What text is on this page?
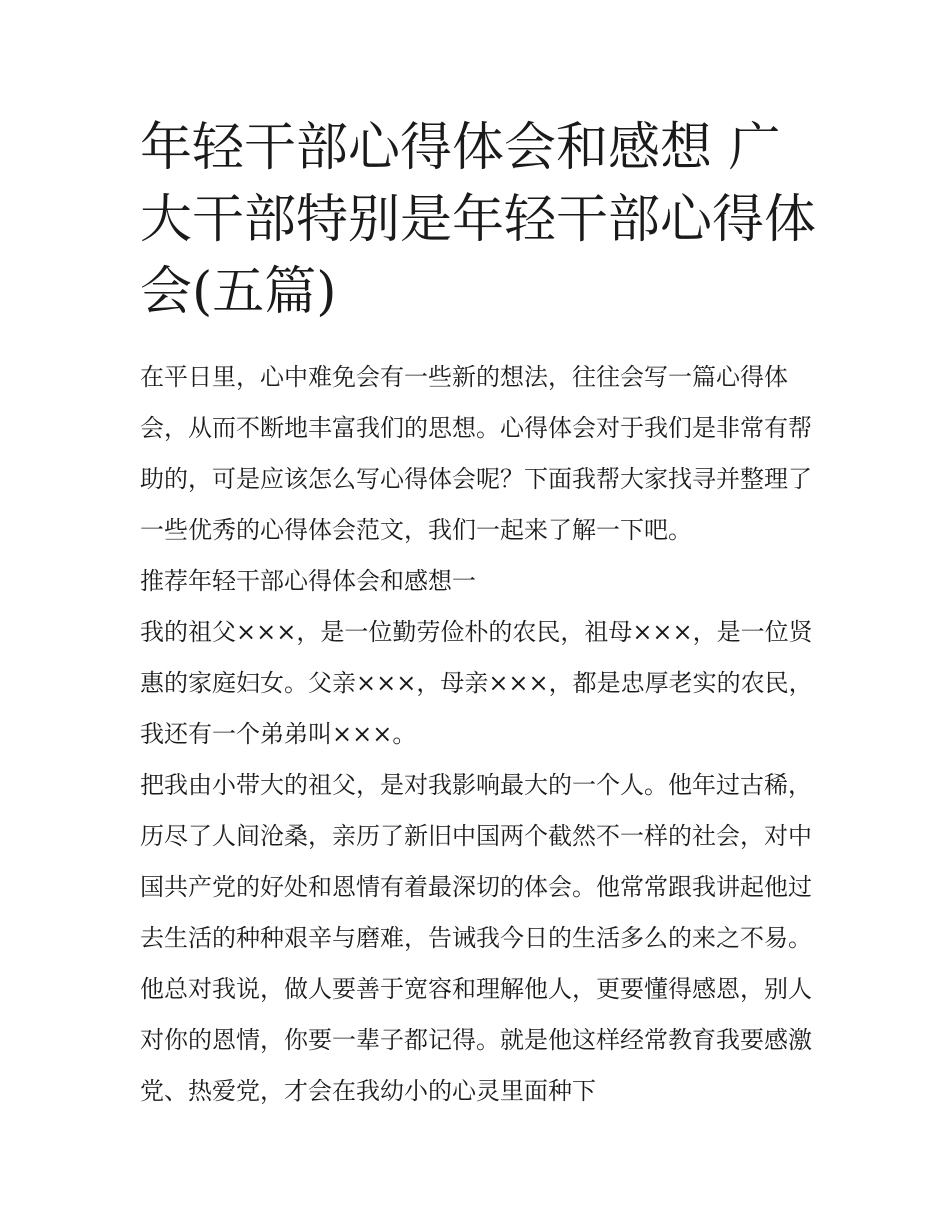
年轻干部心得体会和感想 广大干部特别是年轻干部心得体会(五篇)

在平日里，心中难免会有一些新的想法，往往会写一篇心得体会，从而不断地丰富我们的思想。心得体会对于我们是非常有帮助的，可是应该怎么写心得体会呢？下面我帮大家找寻并整理了一些优秀的心得体会范文，我们一起来了解一下吧。

推荐年轻干部心得体会和感想一

我的祖父×××，是一位勤劳俭朴的农民，祖母×××，是一位贤惠的家庭妇女。父亲×××，母亲×××，都是忠厚老实的农民，我还有一个弟弟叫×××。

把我由小带大的祖父，是对我影响最大的一个人。他年过古稀，历尽了人间沧桑，亲历了新旧中国两个截然不一样的社会，对中国共产党的好处和恩情有着最深切的体会。他常常跟我讲起他过去生活的种种艰辛与磨难，告诫我今日的生活多么的来之不易。他总对我说，做人要善于宽容和理解他人，更要懂得感恩，别人对你的恩情，你要一辈子都记得。就是他这样经常教育我要感激党、热爱党，才会在我幼小的心灵里面种下
